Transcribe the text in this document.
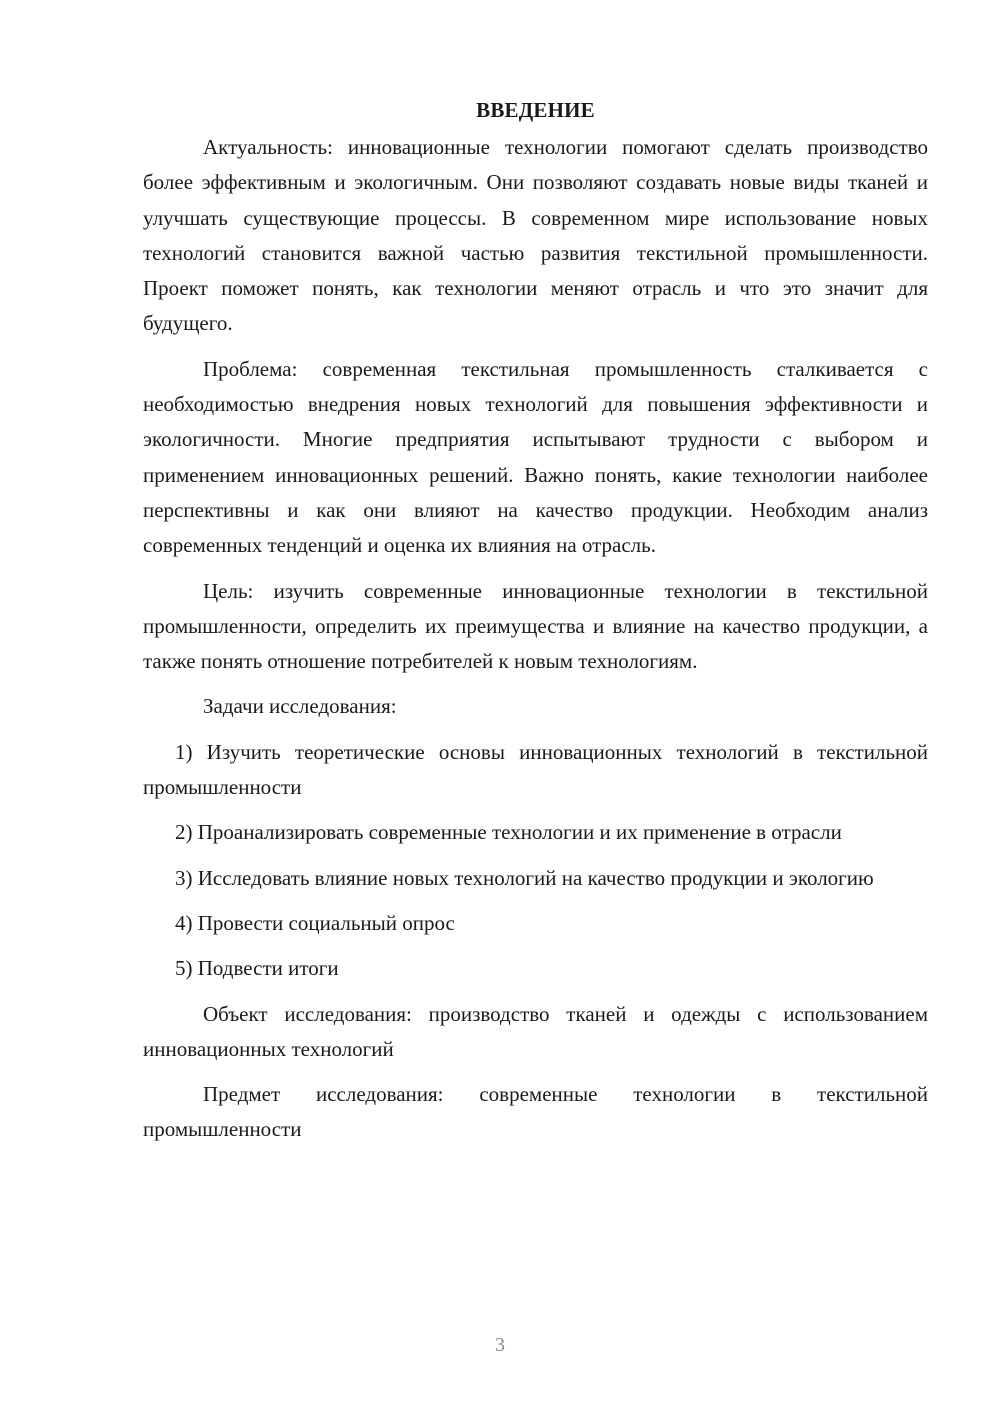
ВВЕДЕНИЕ

Актуальность: инновационные технологии помогают сделать производство более эффективным и экологичным. Они позволяют создавать новые виды тканей и улучшать существующие процессы. В современном мире использование новых технологий становится важной частью развития текстильной промышленности. Проект поможет понять, как технологии меняют отрасль и что это значит для будущего.

Проблема: современная текстильная промышленность сталкивается с необходимостью внедрения новых технологий для повышения эффективности и экологичности. Многие предприятия испытывают трудности с выбором и применением инновационных решений. Важно понять, какие технологии наиболее перспективны и как они влияют на качество продукции. Необходим анализ современных тенденций и оценка их влияния на отрасль.

Цель: изучить современные инновационные технологии в текстильной промышленности, определить их преимущества и влияние на качество продукции, а также понять отношение потребителей к новым технологиям.

Задачи исследования:

1) Изучить теоретические основы инновационных технологий в текстильной промышленности

2) Проанализировать современные технологии и их применение в отрасли

3) Исследовать влияние новых технологий на качество продукции и экологию

4) Провести социальный опрос

5) Подвести итоги

Объект исследования: производство тканей и одежды с использованием инновационных технологий

Предмет исследования: современные технологии в текстильной промышленности

3
